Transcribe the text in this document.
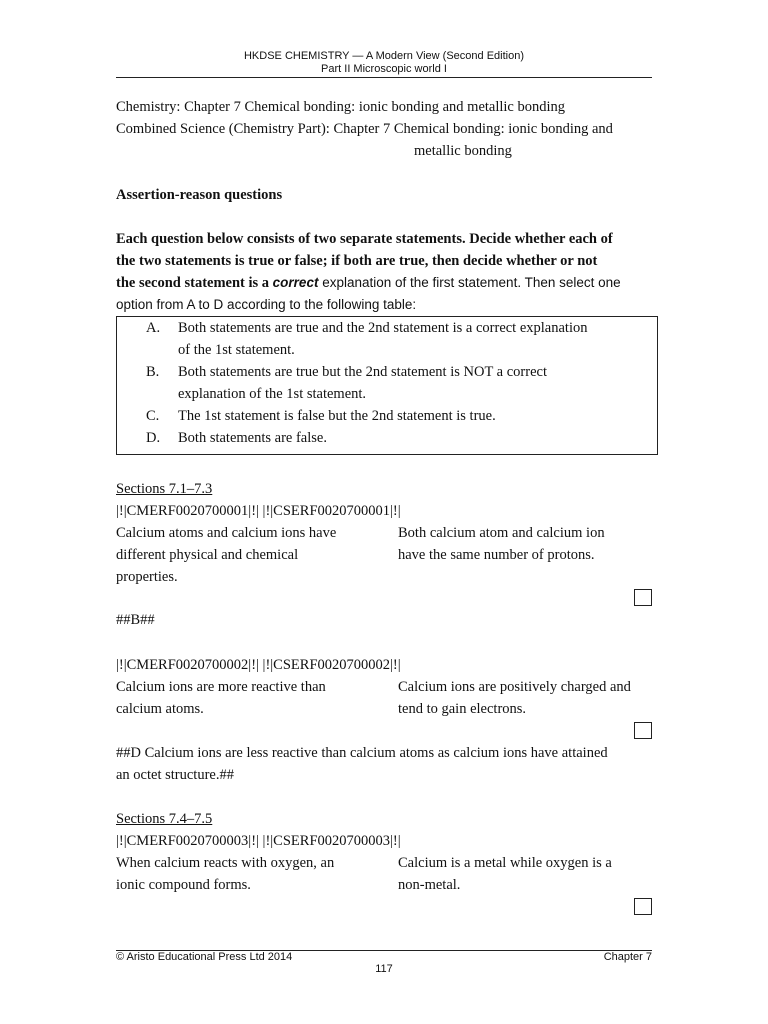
HKDSE CHEMISTRY — A Modern View (Second Edition)
Part II Microscopic world I
Chemistry: Chapter 7 Chemical bonding: ionic bonding and metallic bonding
Combined Science (Chemistry Part): Chapter 7 Chemical bonding: ionic bonding and
metallic bonding
Assertion-reason questions
Each question below consists of two separate statements. Decide whether each of
the two statements is true or false; if both are true, then decide whether or not
the second statement is a correct explanation of the first statement. Then select one
option from A to D according to the following table:
A. Both statements are true and the 2nd statement is a correct explanation
of the 1st statement.
B. Both statements are true but the 2nd statement is NOT a correct
explanation of the 1st statement.
C. The 1st statement is false but the 2nd statement is true.
D. Both statements are false.
Sections 7.1–7.3
|!|CMERF0020700001|!| |!|CSERF0020700001|!|
Calcium atoms and calcium ions have
different physical and chemical
properties.
Both calcium atom and calcium ion
have the same number of protons.
##B##
|!|CMERF0020700002|!| |!|CSERF0020700002|!|
Calcium ions are more reactive than
calcium atoms.
Calcium ions are positively charged and
tend to gain electrons.
##D Calcium ions are less reactive than calcium atoms as calcium ions have attained
an octet structure.##
Sections 7.4–7.5
|!|CMERF0020700003|!| |!|CSERF0020700003|!|
When calcium reacts with oxygen, an
ionic compound forms.
Calcium is a metal while oxygen is a
non-metal.
© Aristo Educational Press Ltd 2014	Chapter 7
117
